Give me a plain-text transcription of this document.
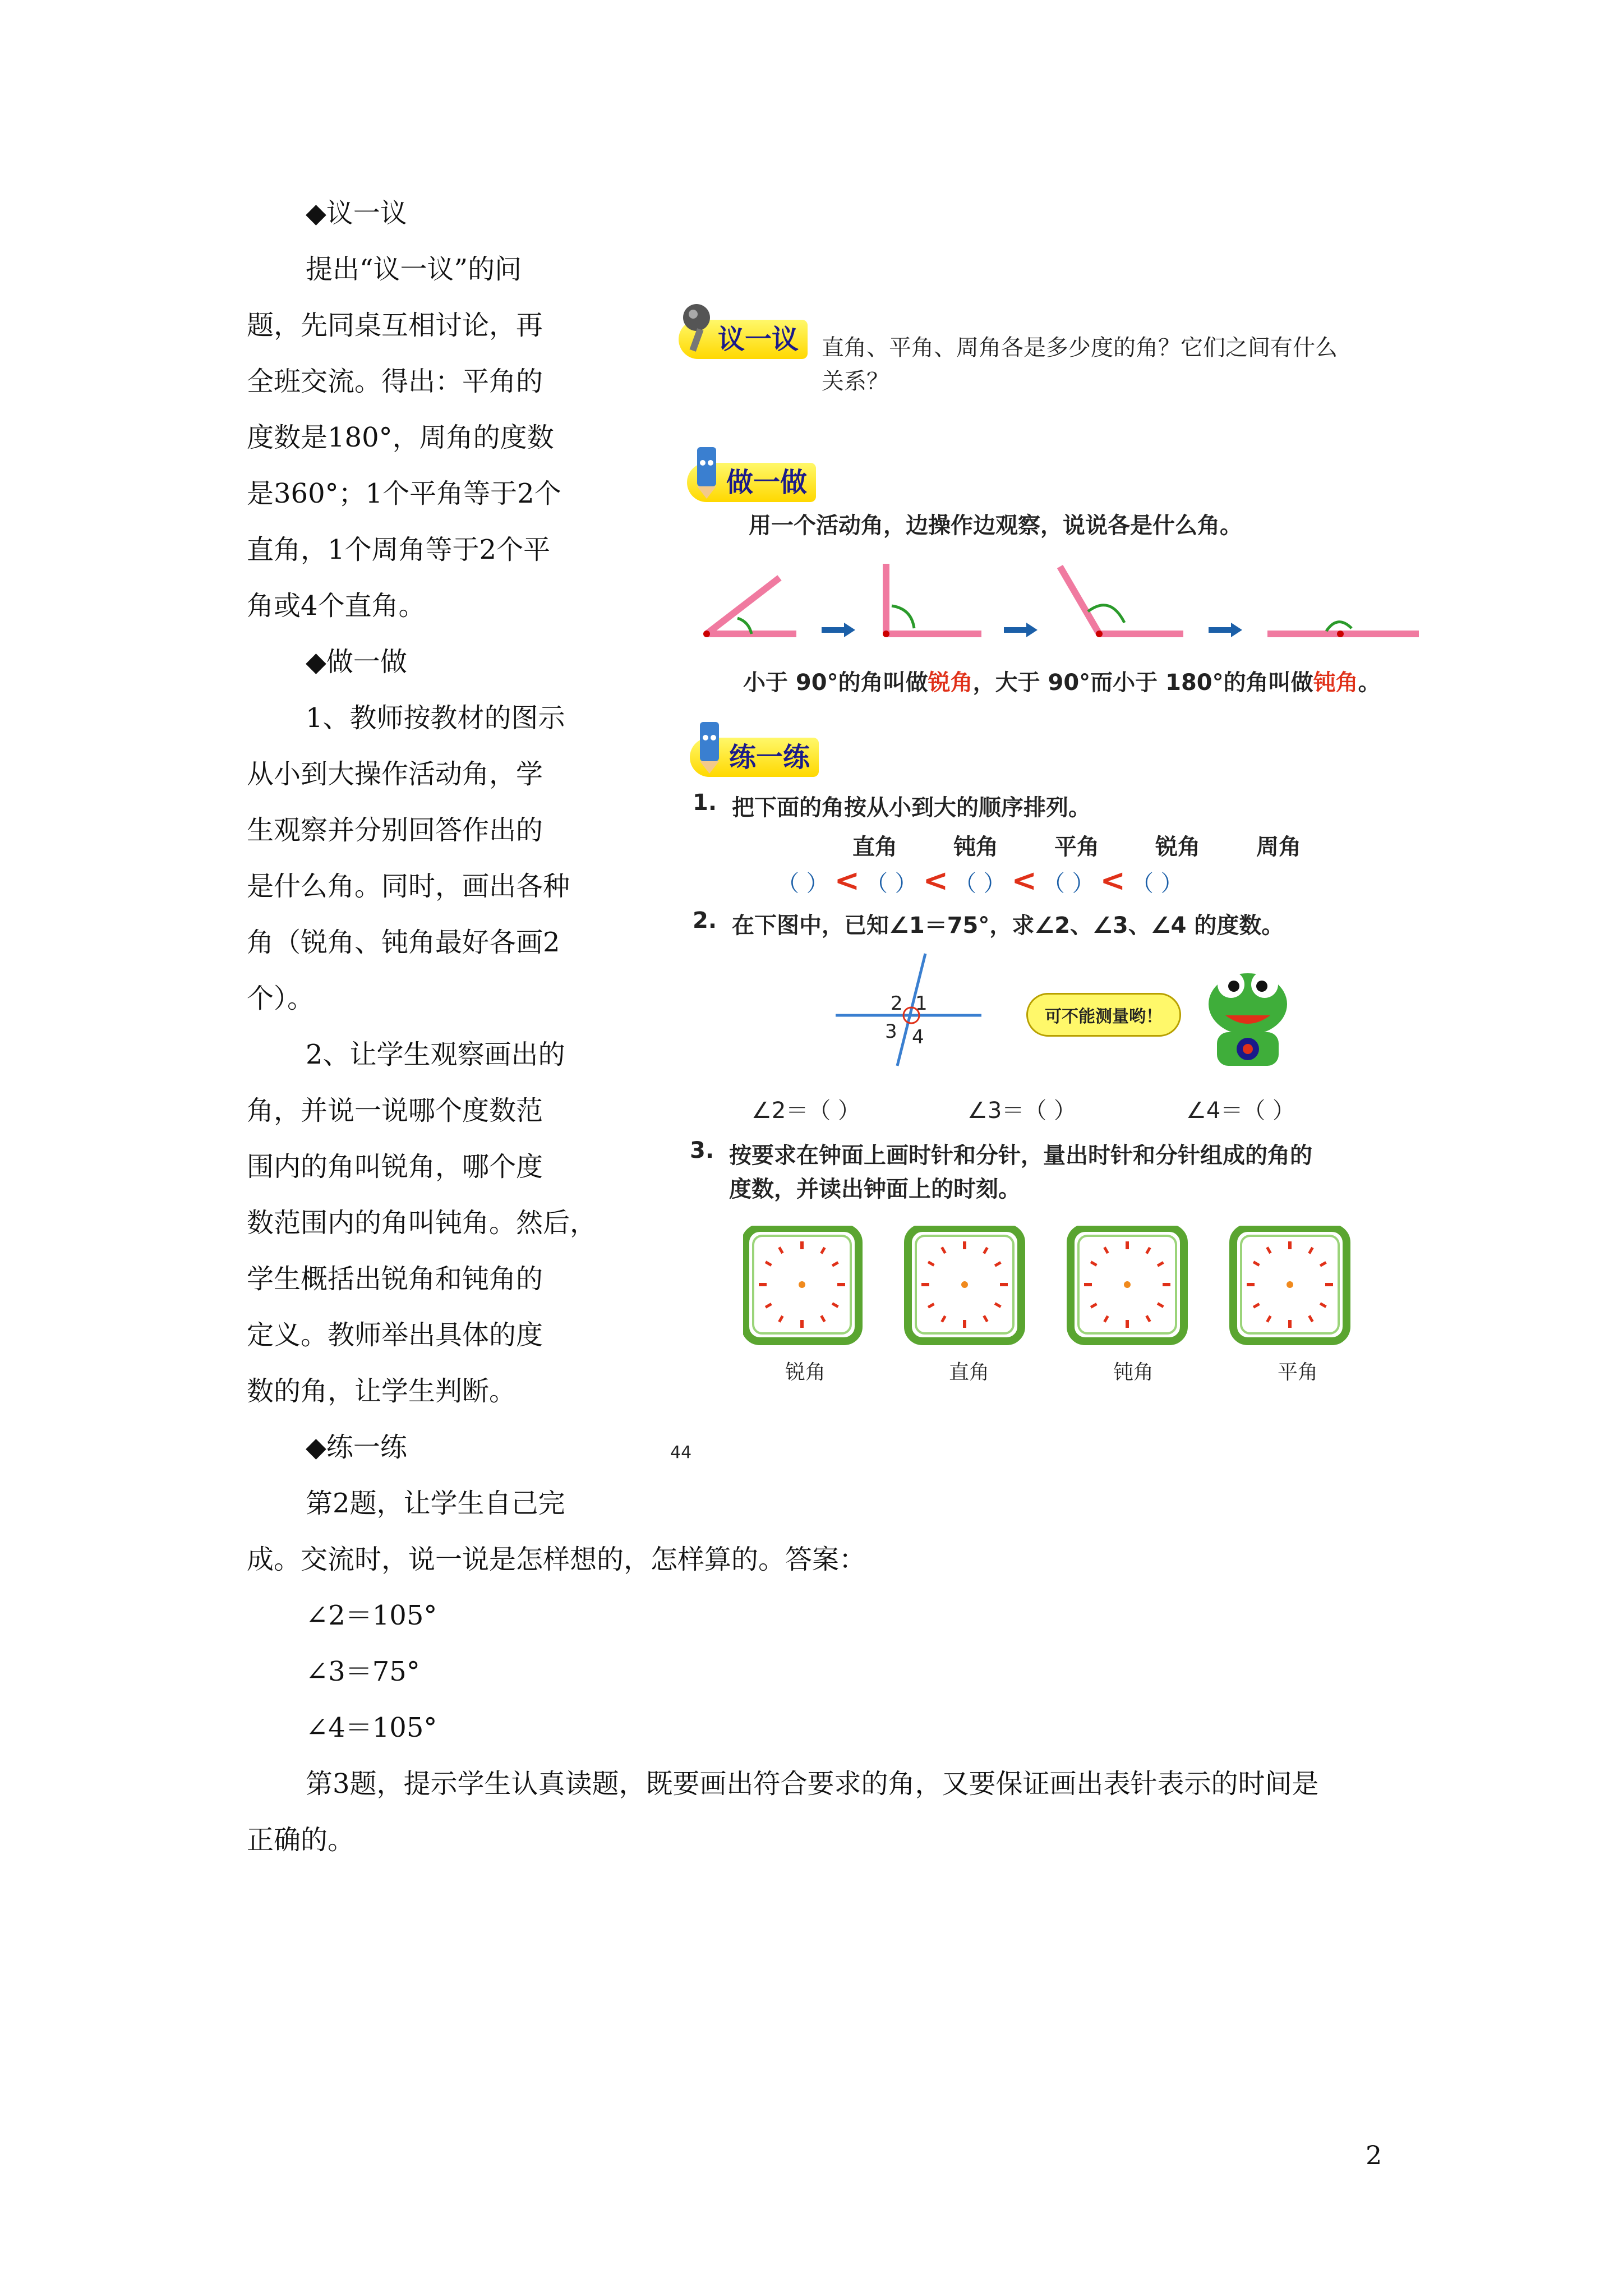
◆议一议
提出“议一议”的问
题，先同桌互相讨论，再
全班交流。得出：平角的
度数是180°，周角的度数
是360°；1个平角等于2个
直角，1个周角等于2个平
角或4个直角。
◆做一做
1、教师按教材的图示
从小到大操作活动角，学
生观察并分别回答作出的
是什么角。同时，画出各种
角（锐角、钝角最好各画2
个）。
2、让学生观察画出的
角，并说一说哪个度数范
围内的角叫锐角，哪个度
数范围内的角叫钝角。然后，
学生概括出锐角和钝角的
定义。教师举出具体的度
数的角，让学生判断。
◆练一练
第2题，让学生自己完
成。交流时，说一说是怎样想的，怎样算的。答案：
∠2＝105°
∠3＝75°
∠4＝105°
第3题，提示学生认真读题，既要画出符合要求的角，又要保证画出表针表示的时间是
正确的。
2
议一议	直角、平角、周角各是多少度的角？它们之间有什么
关系？
做一做
用一个活动角，边操作边观察，说说各是什么角。
小于 90°的角叫做锐角，大于 90°而小于 180°的角叫做钝角。
练一练
1. 把下面的角按从小到大的顺序排列。
直角	钝角	平角	锐角	周角
（ ） < （ ） < （ ） < （ ） < （ ）
2. 在下图中，已知∠1＝75°，求∠2、∠3、∠4 的度数。
2 1
3 4
可不能测量哟！
∠2＝（ ）	∠3＝（ ）	∠4＝（ ）
3. 按要求在钟面上画时针和分针，量出时针和分针组成的角的
度数，并读出钟面上的时刻。
锐角	直角	钝角	平角
44
